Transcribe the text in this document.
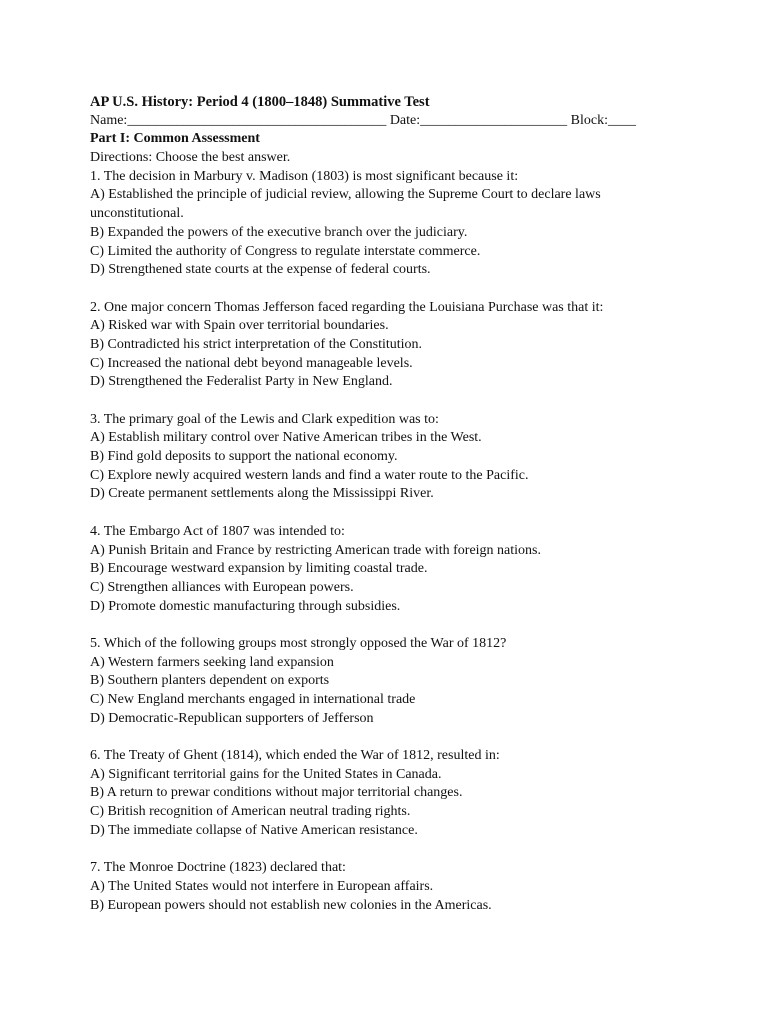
AP U.S. History: Period 4 (1800–1848) Summative Test
Name:_____________________________________ Date:_____________________ Block:____
Part I: Common Assessment
Directions: Choose the best answer.
1. The decision in Marbury v. Madison (1803) is most significant because it:
A) Established the principle of judicial review, allowing the Supreme Court to declare laws unconstitutional.
B) Expanded the powers of the executive branch over the judiciary.
C) Limited the authority of Congress to regulate interstate commerce.
D) Strengthened state courts at the expense of federal courts.
2. One major concern Thomas Jefferson faced regarding the Louisiana Purchase was that it:
A) Risked war with Spain over territorial boundaries.
B) Contradicted his strict interpretation of the Constitution.
C) Increased the national debt beyond manageable levels.
D) Strengthened the Federalist Party in New England.
3. The primary goal of the Lewis and Clark expedition was to:
A) Establish military control over Native American tribes in the West.
B) Find gold deposits to support the national economy.
C) Explore newly acquired western lands and find a water route to the Pacific.
D) Create permanent settlements along the Mississippi River.
4. The Embargo Act of 1807 was intended to:
A) Punish Britain and France by restricting American trade with foreign nations.
B) Encourage westward expansion by limiting coastal trade.
C) Strengthen alliances with European powers.
D) Promote domestic manufacturing through subsidies.
5. Which of the following groups most strongly opposed the War of 1812?
A) Western farmers seeking land expansion
B) Southern planters dependent on exports
C) New England merchants engaged in international trade
D) Democratic-Republican supporters of Jefferson
6. The Treaty of Ghent (1814), which ended the War of 1812, resulted in:
A) Significant territorial gains for the United States in Canada.
B) A return to prewar conditions without major territorial changes.
C) British recognition of American neutral trading rights.
D) The immediate collapse of Native American resistance.
7. The Monroe Doctrine (1823) declared that:
A) The United States would not interfere in European affairs.
B) European powers should not establish new colonies in the Americas.
